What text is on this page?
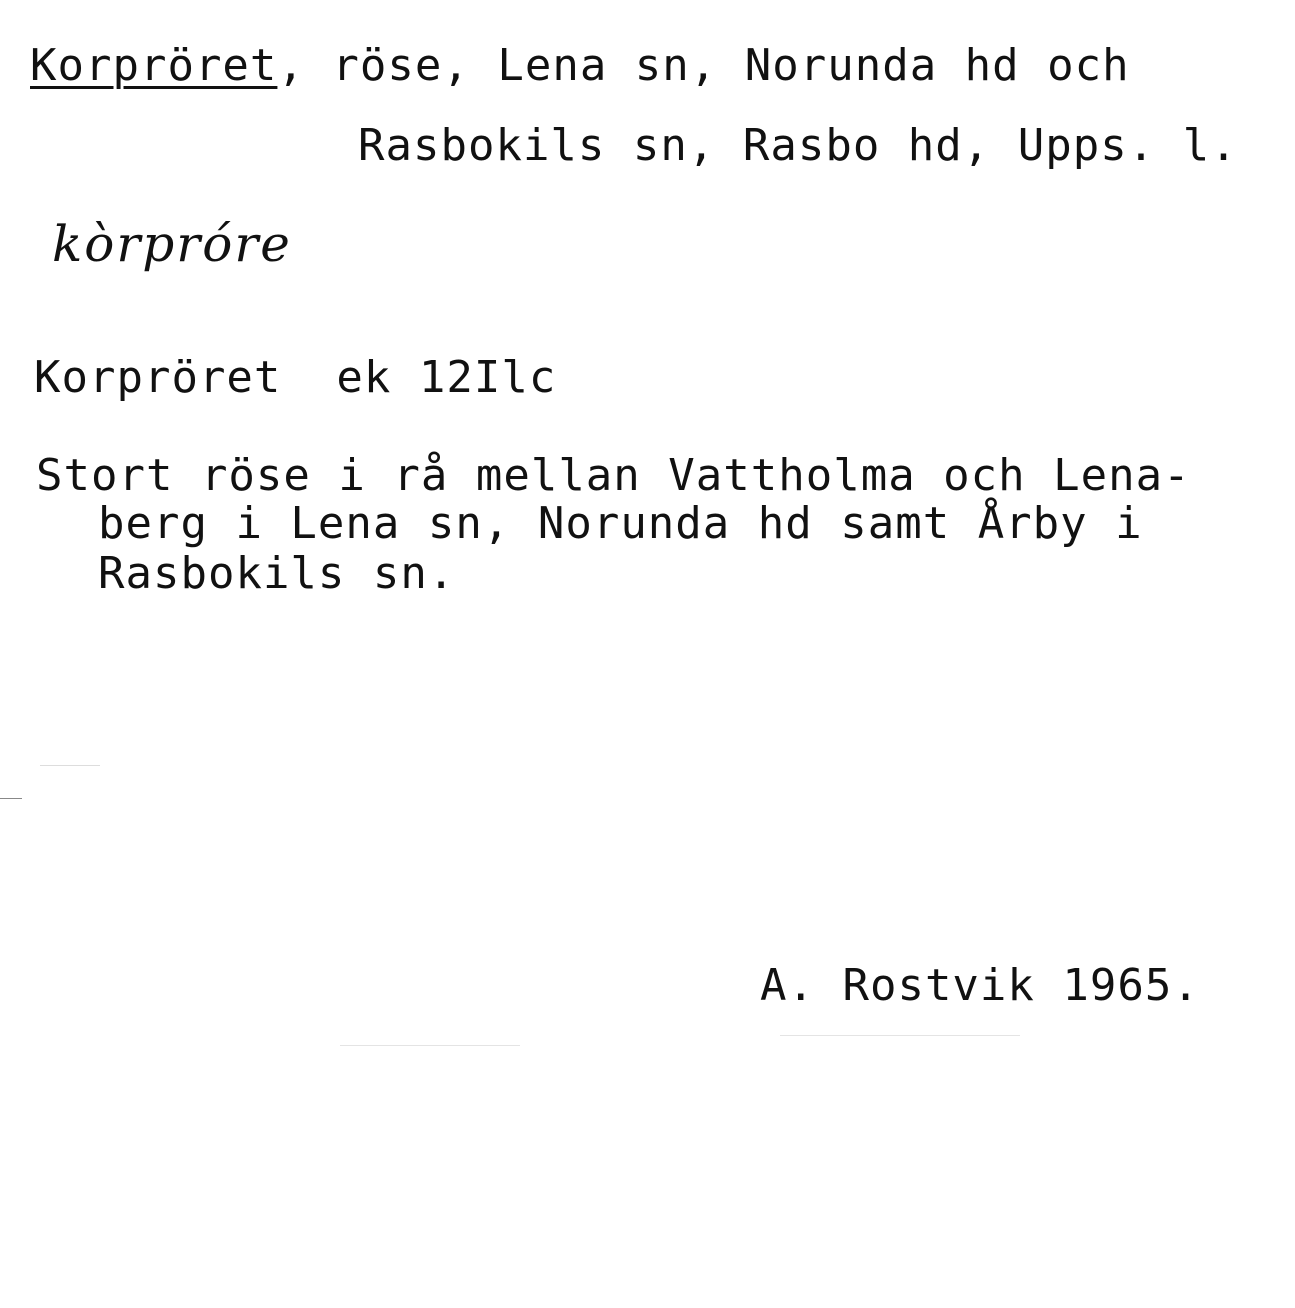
Korpröret, röse, Lena sn, Norunda hd och
Rasbokils sn, Rasbo hd, Upps. l.
kòrpróre
Korpröret  ek 12Ilc
Stort röse i rå mellan Vattholma och Lena-
berg i Lena sn, Norunda hd samt Årby i
Rasbokils sn.
A. Rostvik 1965.
